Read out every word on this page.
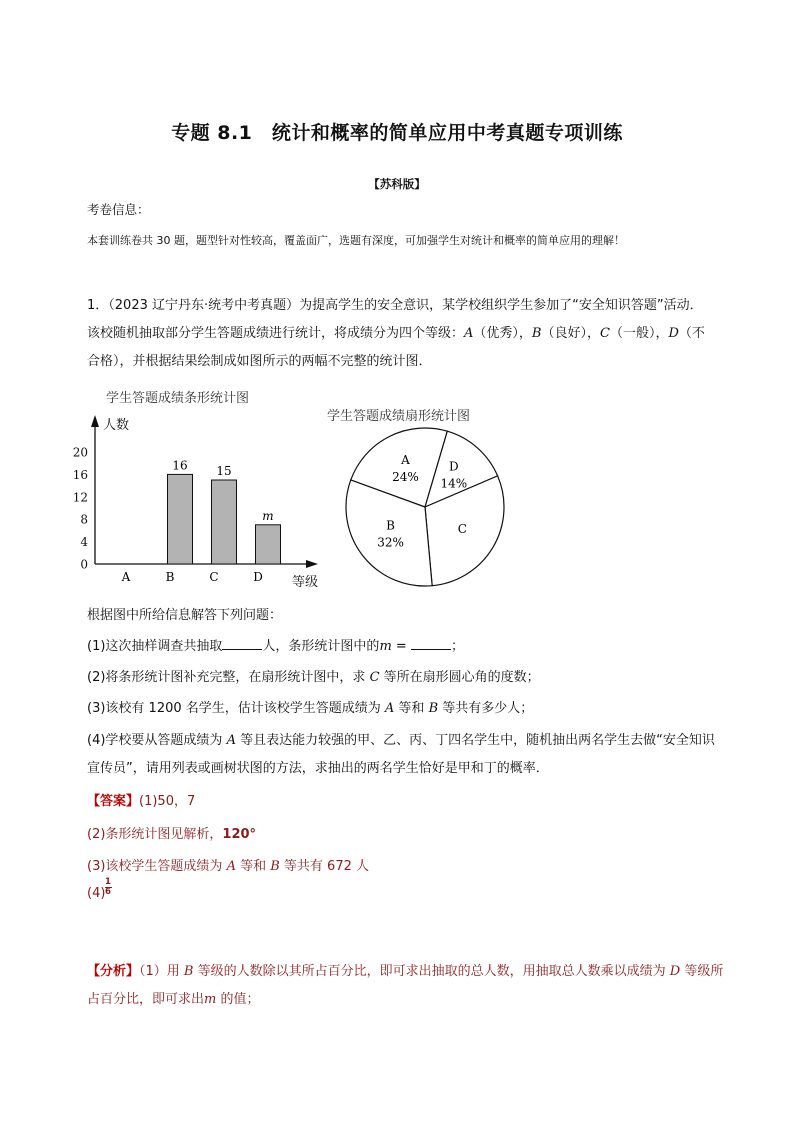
专题 8.1　统计和概率的简单应用中考真题专项训练
【苏科版】
考卷信息：
本套训练卷共 30 题，题型针对性较高，覆盖面广，选题有深度，可加强学生对统计和概率的简单应用的理解！
1．（2023 辽宁丹东·统考中考真题）为提高学生的安全意识，某学校组织学生参加了“安全知识答题”活动．该校随机抽取部分学生答题成绩进行统计，将成绩分为四个等级：A（优秀），B（良好），C（一般），D（不合格），并根据结果绘制成如图所示的两幅不完整的统计图．
学生答题成绩条形统计图
人数
等级
0
4
8
12
16
20
16 15
m
A	B	C	D
学生答题成绩扇形统计图
A
24%
D
14%
C
B
32%
根据图中所给信息解答下列问题：
(1)这次抽样调查共抽取	人，条形统计图中的m =	；
(2)将条形统计图补充完整，在扇形统计图中，求 C 等所在扇形圆心角的度数；
(3)该校有 1200 名学生，估计该校学生答题成绩为 A 等和 B 等共有多少人；
(4)学校要从答题成绩为 A 等且表达能力较强的甲、乙、丙、丁四名学生中，随机抽出两名学生去做“安全知识宣传员”，请用列表或画树状图的方法，求抽出的两名学生恰好是甲和丁的概率．
【答案】(1)50，7
(2)条形统计图见解析，120°
(3)该校学生答题成绩为 A 等和 B 等共有 672 人
(4)
1
6
【分析】（1）用 B 等级的人数除以其所占百分比，即可求出抽取的总人数，用抽取总人数乘以成绩为 D 等级所占百分比，即可求出m 的值；
